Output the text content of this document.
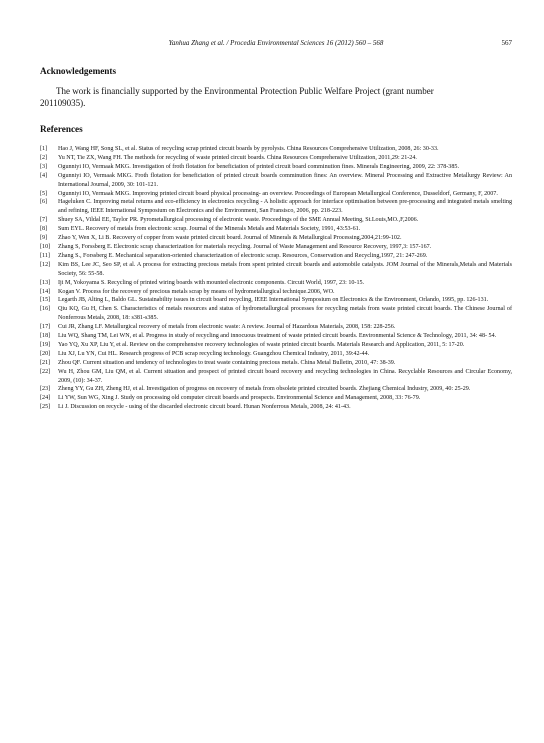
Yanhua Zhang et al. / Procedia Environmental Sciences 16 (2012) 560 – 568	567
Acknowledgements

The work is financially supported by the Environmental Protection Public Welfare Project (grant number 201109035).

References
[1] Hao J, Wang HF, Song SL, et al. Status of recycling scrap printed circuit boards by pyrolysis. China Resources Comprehensive Utilization, 2008, 26: 30-33.
[2] Yu NT, Tie ZX, Wang FH. The methods for recycling of waste printed circuit boards. China Resources Comprehensive Utilization, 2011,29: 21-24.
[3] Ogunniyi IO, Vermaak MKG. Investigation of froth flotation for beneficiation of printed circuit board comminution fines. Minerals Engineering, 2009, 22: 378-385.
[4] Ogunniyi IO, Vermaak MKG. Froth flotation for beneficiation of printed circuit boards comminution fines: An overview. Mineral Processing and Extractive Metallurgy Review: An International Journal, 2009, 30: 101-121.
[5] Ogunniyi IO, Vermaak MKG. Improving printed circuit board physical processing- an overview. Proceedings of European Metallurgical Conference, Dusseldorf, Germany, F, 2007.
[6] Hageluken C. Improving metal returns and eco-efficiency in electronics recycling - A holistic approach for interface optimisation between pre-processing and integrated metals smelting and refining, IEEE International Symposium on Electronics and the Environment, San Fransisco, 2006, pp. 218-223.
[7] Shuey SA, Vildal EE, Taylor PR. Pyrometallurgical processing of electronic waste. Proceedings of the SME Annual Meeting, St.Louis,MO.,F,2006.
[8] Sum EYL. Recovery of metals from electronic scrap. Journal of the Minerals Metals and Materials Society, 1991, 43:53-61.
[9] Zhao Y, Wen X, Li B. Recovery of copper from waste printed circuit board. Journal of Minerals & Metallurgical Processing,2004,21:99-102.
[10] Zhang S, Forssberg E. Electronic scrap characterization for materials recycling. Journal of Waste Management and Resource Recovery, 1997,3: 157-167.
[11] Zhang S., Forssberg E. Mechanical separation-oriented characterization of electronic scrap. Resources, Conservation and Recycling,1997, 21: 247-269.
[12] Kim BS, Lee JC, Seo SP, et al. A process for extracting precious metals from spent printed circuit boards and automobile catalysts. JOM Journal of the Minerals,Metals and Materials Society, 56: 55-58.
[13] Iji M, Yokoyama S. Recycling of printed wiring boards with mounted electronic components. Circuit World, 1997, 23: 10-15.
[14] Kogan V. Process for the recovery of precious metals scrap by means of hydrometallurgical technique.2006, WO.
[15] Legarth JB, Alting L, Baldo GL. Sustainability issues in circuit board recycling, IEEE International Symposium on Electronics & the Environment, Orlando, 1995, pp. 126-131.
[16] Qiu KQ, Gu H, Chen S. Characteristics of metals resources and status of hydrometallurgical processes for recycling metals from waste printed circuit boards. The Chinese Journal of Nonferrous Metals, 2008, 18: s381-s385.
[17] Cui JR, Zhang LF. Metallurgical recovery of metals from electronic waste: A review. Journal of Hazardous Materials, 2008, 158: 228-256.
[18] Liu WQ, Shang TM, Lei WN, et al. Progress in study of recycling and innocuous treatment of waste printed circuit boards. Environmental Science & Technology, 2011, 34: 48- 54.
[19] Yao YQ, Xu XP, Liu Y, et al. Review on the comprehensive recovery technologies of waste printed circuit boards. Materials Research and Application, 2011, 5: 17-20.
[20] Liu XJ, Lu YN, Cui HL. Research progress of PCB scrap recycling technology. Guangzhou Chemical Industry, 2011, 39:42-44.
[21] Zhou QF. Current situation and tendency of technologies to treat waste containing precious metals. China Metal Bulletin, 2010, 47: 38-39.
[22] Wu H, Zhou GM, Liu QM, et al. Current situation and prospect of printed circuit board recovery and recycling technologies in China. Recyclable Resources and Circular Economy, 2009, (10): 34-37.
[23] Zheng YY, Gu ZH, Zheng HJ, et al. Investigation of progress on recovery of metals from obsolete printed circuited boards. Zhejiang Chemical Industry, 2009, 40: 25-29.
[24] Li YW, Sun WG, Xing J. Study on processing old computer circuit boards and prospects. Environmental Science and Management, 2008, 33: 76-79.
[25] Li J. Discussion on recycle - using of the discarded electronic circuit board. Hunan Nonferrous Metals, 2008, 24: 41-43.
